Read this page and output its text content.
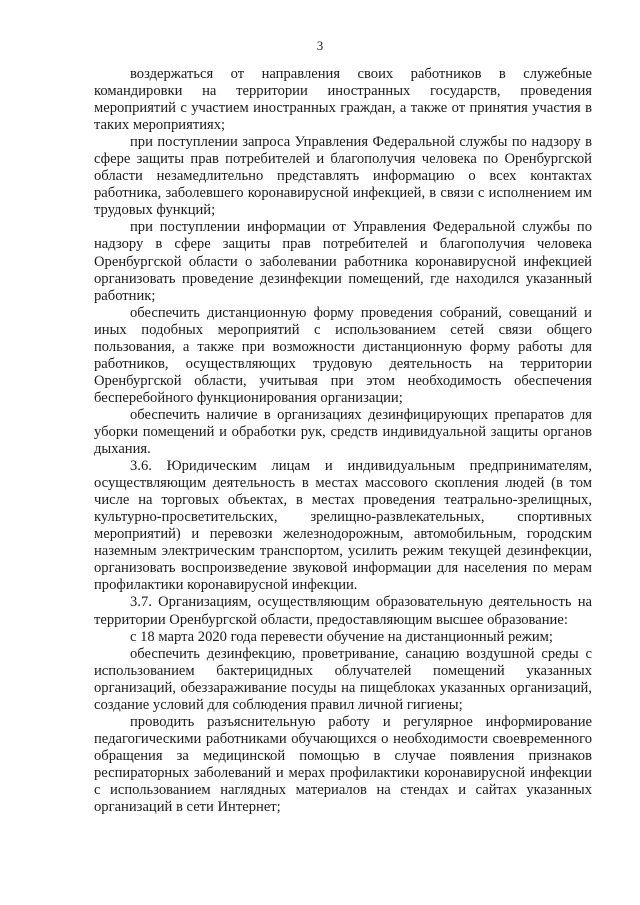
3

воздержаться от направления своих работников в служебные командировки на территории иностранных государств, проведения мероприятий с участием иностранных граждан, а также от принятия участия в таких мероприятиях;

при поступлении запроса Управления Федеральной службы по надзору в сфере защиты прав потребителей и благополучия человека по Оренбургской области незамедлительно представлять информацию о всех контактах работника, заболевшего коронавирусной инфекцией, в связи с исполнением им трудовых функций;

при поступлении информации от Управления Федеральной службы по надзору в сфере защиты прав потребителей и благополучия человека Оренбургской области о заболевании работника коронавирусной инфекцией организовать проведение дезинфекции помещений, где находился указанный работник;

обеспечить дистанционную форму проведения собраний, совещаний и иных подобных мероприятий с использованием сетей связи общего пользования, а также при возможности дистанционную форму работы для работников, осуществляющих трудовую деятельность на территории Оренбургской области, учитывая при этом необходимость обеспечения бесперебойного функционирования организации;

обеспечить наличие в организациях дезинфицирующих препаратов для уборки помещений и обработки рук, средств индивидуальной защиты органов дыхания.

3.6. Юридическим лицам и индивидуальным предпринимателям, осуществляющим деятельность в местах массового скопления людей (в том числе на торговых объектах, в местах проведения театрально-зрелищных, культурно-просветительских, зрелищно-развлекательных, спортивных мероприятий) и перевозки железнодорожным, автомобильным, городским наземным электрическим транспортом, усилить режим текущей дезинфекции, организовать воспроизведение звуковой информации для населения по мерам профилактики коронавирусной инфекции.

3.7. Организациям, осуществляющим образовательную деятельность на территории Оренбургской области, предоставляющим высшее образование:

с 18 марта 2020 года перевести обучение на дистанционный режим;

обеспечить дезинфекцию, проветривание, санацию воздушной среды с использованием бактерицидных облучателей помещений указанных организаций, обеззараживание посуды на пищеблоках указанных организаций, создание условий для соблюдения правил личной гигиены;

проводить разъяснительную работу и регулярное информирование педагогическими работниками обучающихся о необходимости своевременного обращения за медицинской помощью в случае появления признаков респираторных заболеваний и мерах профилактики коронавирусной инфекции с использованием наглядных материалов на стендах и сайтах указанных организаций в сети Интернет;
